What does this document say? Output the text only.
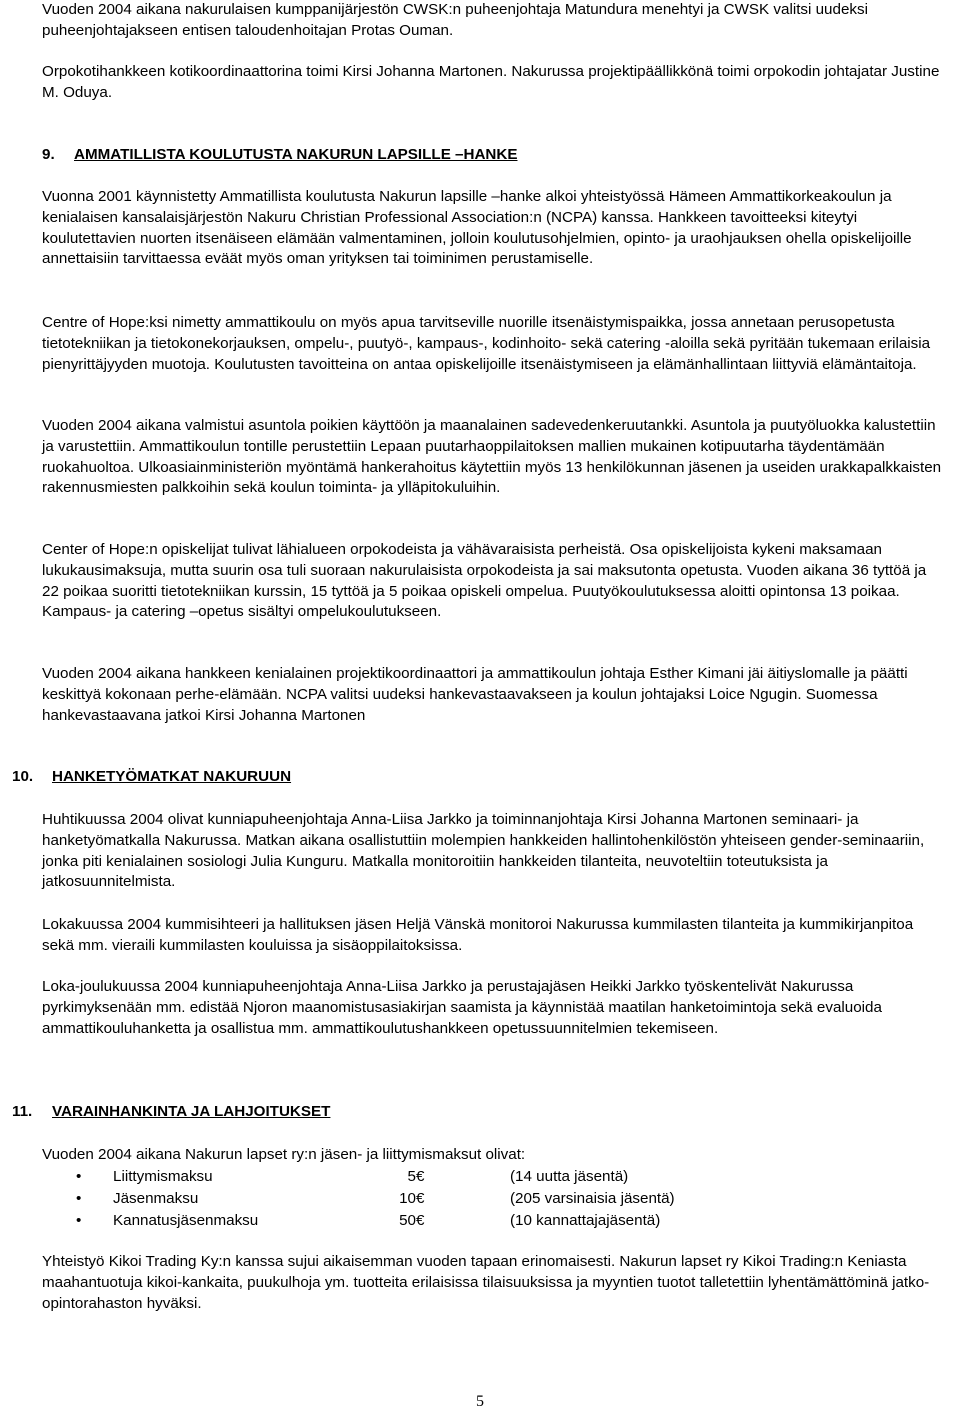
Vuoden 2004 aikana nakurulaisen kumppanijärjestön CWSK:n puheenjohtaja Matundura menehtyi ja CWSK valitsi uudeksi puheenjohtajakseen entisen taloudenhoitajan Protas Ouman.

Orpokotihankkeen kotikoordinaattorina toimi Kirsi Johanna Martonen. Nakurussa projektipäällikkönä toimi orpokodin johtajatar Justine M. Oduya.

9. AMMATILLISTA KOULUTUSTA NAKURUN LAPSILLE –HANKE

Vuonna 2001 käynnistetty Ammatillista koulutusta Nakurun lapsille –hanke alkoi yhteistyössä Hämeen Ammattikorkeakoulun ja kenialaisen kansalaisjärjestön Nakuru Christian Professional Association:n (NCPA) kanssa. Hankkeen tavoitteeksi kiteytyi koulutettavien nuorten itsenäiseen elämään valmentaminen, jolloin koulutusohjelmien, opinto- ja uraohjauksen ohella opiskelijoille annettaisiin tarvittaessa eväät myös oman yrityksen tai toiminimen perustamiselle.

Centre of Hope:ksi nimetty ammattikoulu on myös apua tarvitseville nuorille itsenäistymispaikka, jossa annetaan perusopetusta tietotekniikan ja tietokonekorjauksen, ompelu-, puutyö-, kampaus-, kodinhoito- sekä catering -aloilla sekä pyritään tukemaan erilaisia pienyrittäjyyden muotoja. Koulutusten tavoitteina on antaa opiskelijoille itsenäistymiseen ja elämänhallintaan liittyviä elämäntaitoja.

Vuoden 2004 aikana valmistui asuntola poikien käyttöön ja maanalainen sadevedenkeruutankki. Asuntola ja puutyöluokka kalustettiin ja varustettiin. Ammattikoulun tontille perustettiin Lepaan puutarhaoppilaitoksen mallien mukainen kotipuutarha täydentämään ruokahuoltoa. Ulkoasiainministeriön myöntämä hankerahoitus käytettiin myös 13 henkilökunnan jäsenen ja useiden urakkapalkkaisten rakennusmiesten palkkoihin sekä koulun toiminta- ja ylläpitokuluihin.

Center of Hope:n opiskelijat tulivat lähialueen orpokodeista ja vähävaraisista perheistä. Osa opiskelijoista kykeni maksamaan lukukausimaksuja, mutta suurin osa tuli suoraan nakurulaisista orpokodeista ja sai maksutonta opetusta. Vuoden aikana 36 tyttöä ja 22 poikaa suoritti tietotekniikan kurssin, 15 tyttöä ja 5 poikaa opiskeli ompelua. Puutyökoulutuksessa aloitti opintonsa 13 poikaa. Kampaus- ja catering –opetus sisältyi ompelukoulutukseen.

Vuoden 2004 aikana hankkeen kenialainen projektikoordinaattori ja ammattikoulun johtaja Esther Kimani jäi äitiyslomalle ja päätti keskittyä kokonaan perhe-elämään. NCPA valitsi uudeksi hankevastaavakseen ja koulun johtajaksi Loice Ngugin. Suomessa hankevastaavana jatkoi Kirsi Johanna Martonen

10. HANKETYÖMATKAT NAKURUUN

Huhtikuussa 2004 olivat kunniapuheenjohtaja Anna-Liisa Jarkko ja toiminnanjohtaja Kirsi Johanna Martonen seminaari- ja hanketyömatkalla Nakurussa. Matkan aikana osallistuttiin molempien hankkeiden hallintohenkilöstön yhteiseen gender-seminaariin, jonka piti kenialainen sosiologi Julia Kunguru. Matkalla monitoroitiin hankkeiden tilanteita, neuvoteltiin toteutuksista ja jatkosuunnitelmista.

Lokakuussa 2004 kummisihteeri ja hallituksen jäsen Heljä Vänskä monitoroi Nakurussa kummilasten tilanteita ja kummikirjanpitoa sekä mm. vieraili kummilasten kouluissa ja sisäoppilaitoksissa.

Loka-joulukuussa 2004 kunniapuheenjohtaja Anna-Liisa Jarkko ja perustajajäsen Heikki Jarkko työskentelivät Nakurussa pyrkimyksenään mm. edistää Njoron maanomistusasiakirjan saamista ja käynnistää maatilan hanketoimintoja sekä evaluoida ammattikouluhanketta ja osallistua mm. ammattikoulutushankkeen opetussuunnitelmien tekemiseen.

11. VARAINHANKINTA JA LAHJOITUKSET

Vuoden 2004 aikana Nakurun lapset ry:n jäsen- ja liittymismaksut olivat:

• Liittymismaksu	5 €	(14 uutta jäsentä)
• Jäsenmaksu	10 €	(205 varsinaisia jäsentä)
• Kannatusjäsenmaksu	50 €	(10 kannattajajäsentä)

Yhteistyö Kikoi Trading Ky:n kanssa sujui aikaisemman vuoden tapaan erinomaisesti. Nakurun lapset ry Kikoi Trading:n Keniasta maahantuotuja kikoi-kankaita, puukulhoja ym. tuotteita erilaisissa tilaisuuksissa ja myyntien tuotot talletettiin lyhentämättöminä jatko-opintorahaston hyväksi.

5
